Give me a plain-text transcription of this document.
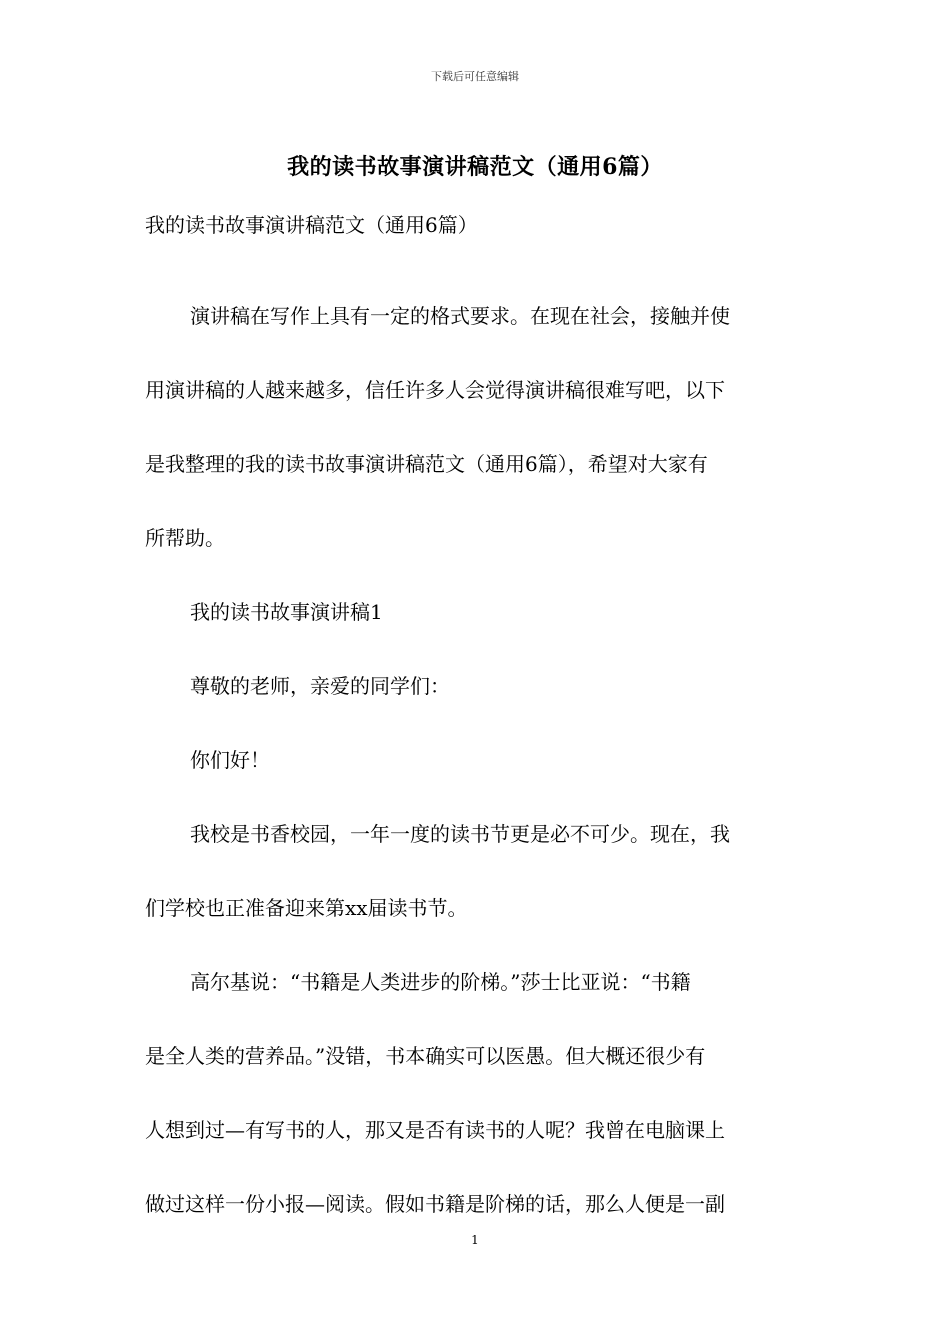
下载后可任意编辑
我的读书故事演讲稿范文（通用6篇）
我的读书故事演讲稿范文（通用6篇）
演讲稿在写作上具有一定的格式要求。在现在社会，接触并使
用演讲稿的人越来越多，信任许多人会觉得演讲稿很难写吧，以下
是我整理的我的读书故事演讲稿范文（通用6篇），希望对大家有
所帮助。
我的读书故事演讲稿1
尊敬的老师，亲爱的同学们：
你们好！
我校是书香校园，一年一度的读书节更是必不可少。现在，我
们学校也正准备迎来第xx届读书节。
高尔基说：“书籍是人类进步的阶梯。”莎士比亚说：“书籍
是全人类的营养品。”没错，书本确实可以医愚。但大概还很少有
人想到过—有写书的人，那又是否有读书的人呢？我曾在电脑课上
做过这样一份小报—阅读。假如书籍是阶梯的话，那么人便是一副
1
